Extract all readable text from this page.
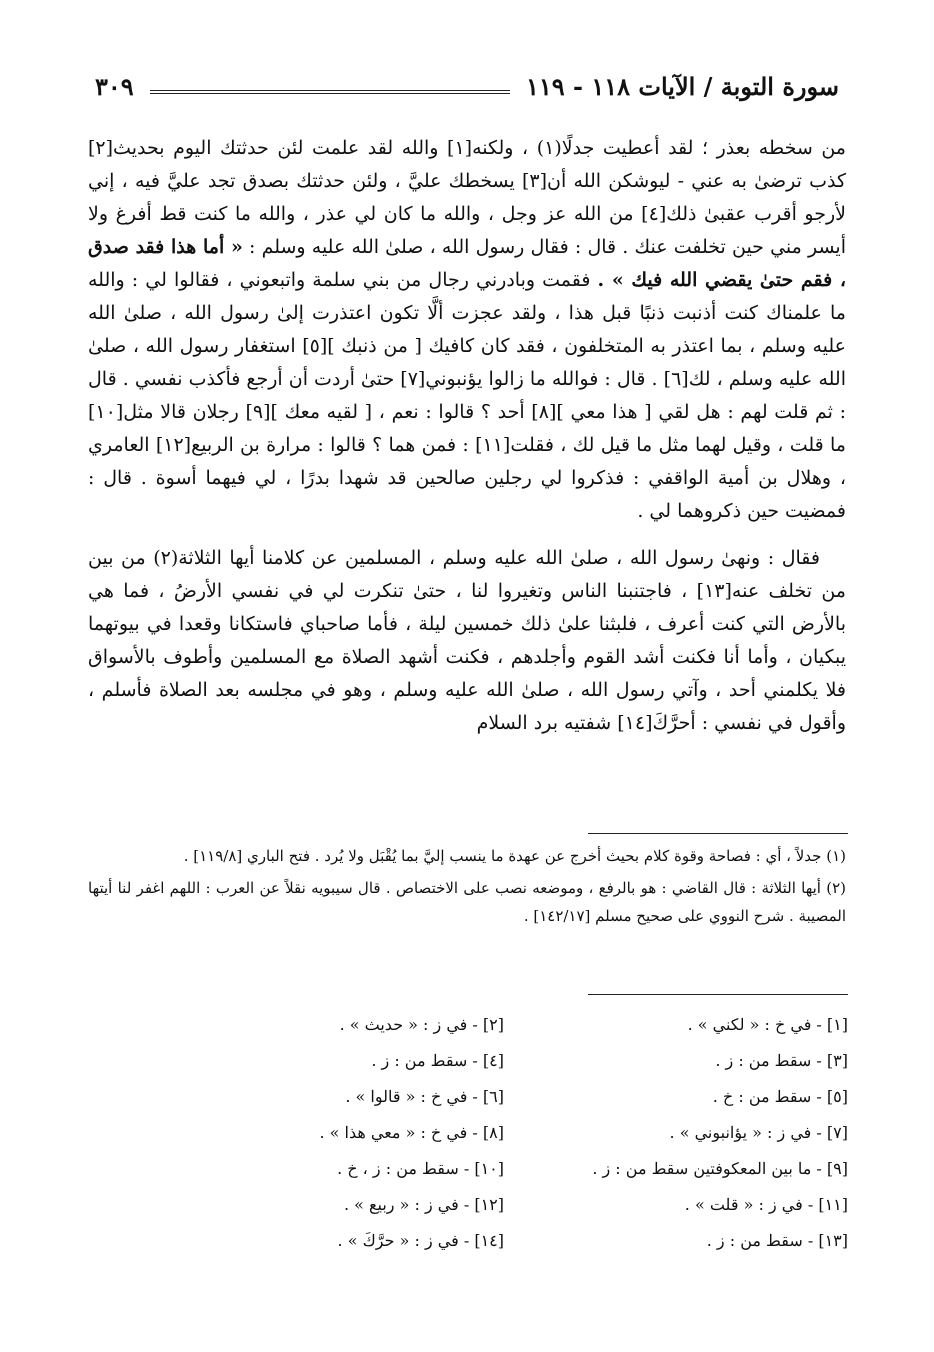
سورة التوبة / الآيات ١١٨ - ١١٩
٣٠٩

من سخطه بعذر ؛ لقد أعطيت جدلًا(١) ، ولكنه[١] والله لقد علمت لئن حدثتك اليوم بحديث[٢] كذب ترضىٰ به عني - ليوشكن الله أن[٣] يسخطك عليَّ ، ولئن حدثتك بصدق تجد عليَّ فيه ، إني لأرجو أقرب عقبىٰ ذلك[٤] من الله عز وجل ، والله ما كان لي عذر ، والله ما كنت قط أفرغ ولا أيسر مني حين تخلفت عنك . قال : فقال رسول الله ، صلىٰ الله عليه وسلم : « أما هذا فقد صدق ، فقم حتىٰ يقضي الله فيك » . فقمت وبادرني رجال من بني سلمة واتبعوني ، فقالوا لي : والله ما علمناك كنت أذنبت ذنبًا قبل هذا ، ولقد عجزت ألَّا تكون اعتذرت إلىٰ رسول الله ، صلىٰ الله عليه وسلم ، بما اعتذر به المتخلفون ، فقد كان كافيك [ من ذنبك ][٥] استغفار رسول الله ، صلىٰ الله عليه وسلم ، لك[٦] . قال : فوالله ما زالوا يؤنبوني[٧] حتىٰ أردت أن أرجع فأكذب نفسي . قال : ثم قلت لهم : هل لقي [ هذا معي ][٨] أحد ؟ قالوا : نعم ، [ لقيه معك ][٩] رجلان قالا مثل[١٠] ما قلت ، وقيل لهما مثل ما قيل لك ، فقلت[١١] : فمن هما ؟ قالوا : مرارة بن الربيع[١٢] العامري ، وهلال بن أمية الواقفي : فذكروا لي رجلين صالحين قد شهدا بدرًا ، لي فيهما أسوة . قال : فمضيت حين ذكروهما لي .

فقال : ونهىٰ رسول الله ، صلىٰ الله عليه وسلم ، المسلمين عن كلامنا أيها الثلاثة(٢) من بين من تخلف عنه[١٣] ، فاجتنبنا الناس وتغيروا لنا ، حتىٰ تنكرت لي في نفسي الأرضُ ، فما هي بالأرض التي كنت أعرف ، فلبثنا علىٰ ذلك خمسين ليلة ، فأما صاحباي فاستكانا وقعدا في بيوتهما يبكيان ، وأما أنا فكنت أشد القوم وأجلدهم ، فكنت أشهد الصلاة مع المسلمين وأطوف بالأسواق فلا يكلمني أحد ، وآتي رسول الله ، صلىٰ الله عليه وسلم ، وهو في مجلسه بعد الصلاة فأسلم ، وأقول في نفسي : أحرَّكَ[١٤] شفتيه برد السلام

(١) جدلاً ، أي : فصاحة وقوة كلام بحيث أخرج عن عهدة ما ينسب إليَّ بما يُقْبَل ولا يُرد . فتح الباري [١١٩/٨] .

(٢) أيها الثلاثة : قال القاضي : هو بالرفع ، وموضعه نصب على الاختصاص . قال سيبويه نقلاً عن العرب : اللهم اغفر لنا أيتها المصيبة . شرح النووي على صحيح مسلم [١٤٢/١٧] .

[١] - في خ : « لكني » .
[٢] - في ز : « حديث » .
[٣] - سقط من : ز .
[٤] - سقط من : ز .
[٥] - سقط من : خ .
[٦] - في خ : « قالوا » .
[٧] - في ز : « يؤانبوني » .
[٨] - في خ : « معي هذا » .
[٩] - ما بين المعكوفتين سقط من : ز .
[١٠] - سقط من : ز ، خ .
[١١] - في ز : « قلت » .
[١٢] - في ز : « ربيع » .
[١٣] - سقط من : ز .
[١٤] - في ز : « حرَّكَ » .
